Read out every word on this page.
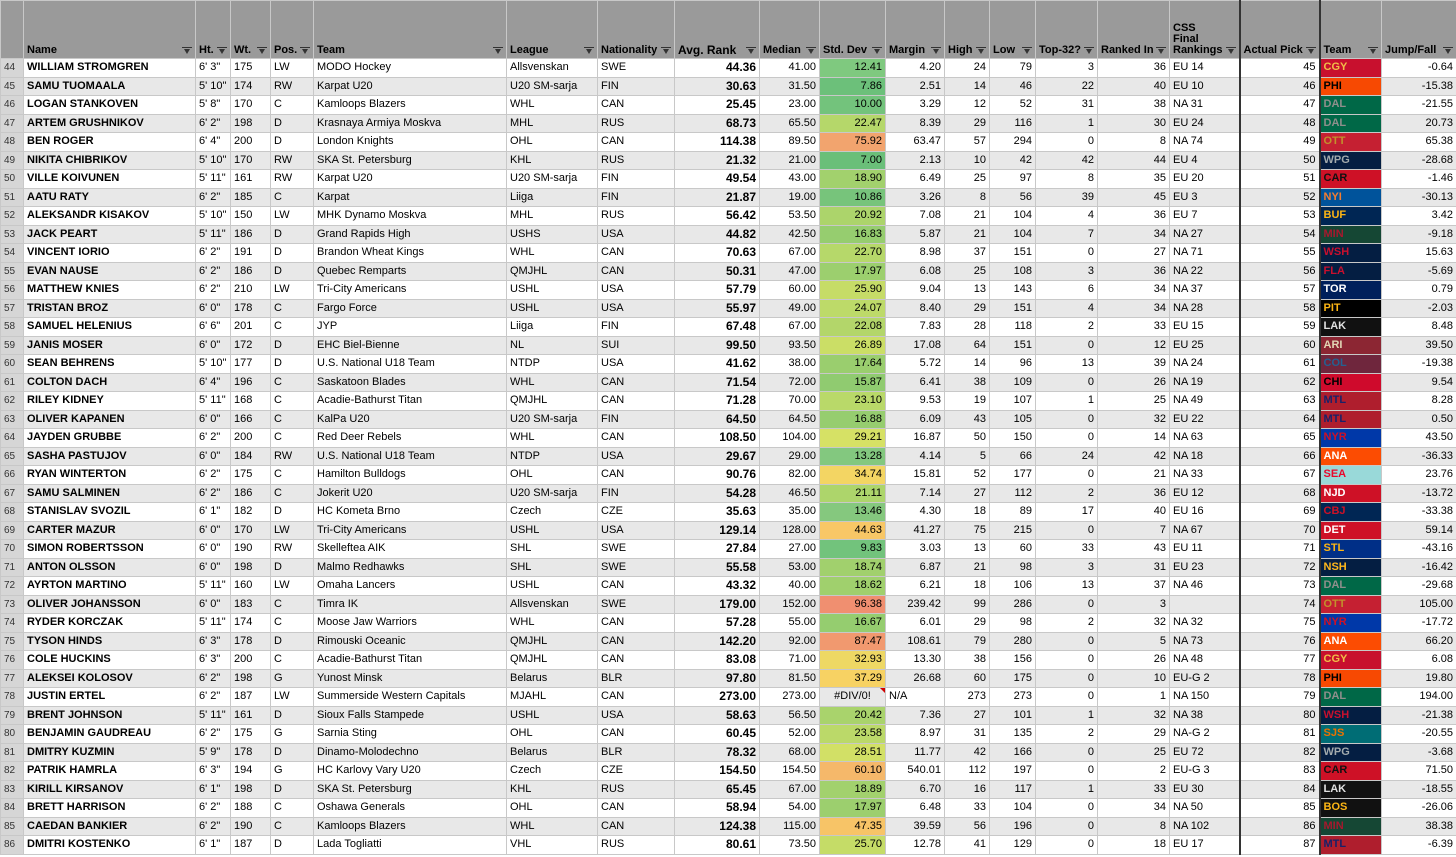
	Name	Ht.	Wt.	Pos.	Team	League	Nationality	Avg. Rank	Median	Std. Dev	Margin	High	Low	Top-32?	Ranked In	CSS Final Rankings	Actual Pick	Team	Jump/Fall

44	WILLIAM STROMGREN	6' 3"	175	LW	MODO Hockey	Allsvenskan	SWE	44.36	41.00	12.41	4.20	24	79	3	36	EU 14	45	CGY	-0.64
45	SAMU TUOMAALA	5' 10"	174	RW	Karpat U20	U20 SM-sarja	FIN	30.63	31.50	7.86	2.51	14	46	22	40	EU 10	46	PHI	-15.38
46	LOGAN STANKOVEN	5' 8"	170	C	Kamloops Blazers	WHL	CAN	25.45	23.00	10.00	3.29	12	52	31	38	NA 31	47	DAL	-21.55
47	ARTEM GRUSHNIKOV	6' 2"	198	D	Krasnaya Armiya Moskva	MHL	RUS	68.73	65.50	22.47	8.39	29	116	1	30	EU 24	48	DAL	20.73
48	BEN ROGER	6' 4"	200	D	London Knights	OHL	CAN	114.38	89.50	75.92	63.47	57	294	0	8	NA 74	49	OTT	65.38
49	NIKITA CHIBRIKOV	5' 10"	170	RW	SKA St. Petersburg	KHL	RUS	21.32	21.00	7.00	2.13	10	42	42	44	EU 4	50	WPG	-28.68
50	VILLE KOIVUNEN	5' 11"	161	RW	Karpat U20	U20 SM-sarja	FIN	49.54	43.00	18.90	6.49	25	97	8	35	EU 20	51	CAR	-1.46
51	AATU RATY	6' 2"	185	C	Karpat	Liiga	FIN	21.87	19.00	10.86	3.26	8	56	39	45	EU 3	52	NYI	-30.13
52	ALEKSANDR KISAKOV	5' 10"	150	LW	MHK Dynamo Moskva	MHL	RUS	56.42	53.50	20.92	7.08	21	104	4	36	EU 7	53	BUF	3.42
53	JACK PEART	5' 11"	186	D	Grand Rapids High	USHS	USA	44.82	42.50	16.83	5.87	21	104	7	34	NA 27	54	MIN	-9.18
54	VINCENT IORIO	6' 2"	191	D	Brandon Wheat Kings	WHL	CAN	70.63	67.00	22.70	8.98	37	151	0	27	NA 71	55	WSH	15.63
55	EVAN NAUSE	6' 2"	186	D	Quebec Remparts	QMJHL	CAN	50.31	47.00	17.97	6.08	25	108	3	36	NA 22	56	FLA	-5.69
56	MATTHEW KNIES	6' 2"	210	LW	Tri-City Americans	USHL	USA	57.79	60.00	25.90	9.04	13	143	6	34	NA 37	57	TOR	0.79
57	TRISTAN BROZ	6' 0"	178	C	Fargo Force	USHL	USA	55.97	49.00	24.07	8.40	29	151	4	34	NA 28	58	PIT	-2.03
58	SAMUEL HELENIUS	6' 6"	201	C	JYP	Liiga	FIN	67.48	67.00	22.08	7.83	28	118	2	33	EU 15	59	LAK	8.48
59	JANIS MOSER	6' 0"	172	D	EHC Biel-Bienne	NL	SUI	99.50	93.50	26.89	17.08	64	151	0	12	EU 25	60	ARI	39.50
60	SEAN BEHRENS	5' 10"	177	D	U.S. National U18 Team	NTDP	USA	41.62	38.00	17.64	5.72	14	96	13	39	NA 24	61	COL	-19.38
61	COLTON DACH	6' 4"	196	C	Saskatoon Blades	WHL	CAN	71.54	72.00	15.87	6.41	38	109	0	26	NA 19	62	CHI	9.54
62	RILEY KIDNEY	5' 11"	168	C	Acadie-Bathurst Titan	QMJHL	CAN	71.28	70.00	23.10	9.53	19	107	1	25	NA 49	63	MTL	8.28
63	OLIVER KAPANEN	6' 0"	166	C	KalPa U20	U20 SM-sarja	FIN	64.50	64.50	16.88	6.09	43	105	0	32	EU 22	64	MTL	0.50
64	JAYDEN GRUBBE	6' 2"	200	C	Red Deer Rebels	WHL	CAN	108.50	104.00	29.21	16.87	50	150	0	14	NA 63	65	NYR	43.50
65	SASHA PASTUJOV	6' 0"	184	RW	U.S. National U18 Team	NTDP	USA	29.67	29.00	13.28	4.14	5	66	24	42	NA 18	66	ANA	-36.33
66	RYAN WINTERTON	6' 2"	175	C	Hamilton Bulldogs	OHL	CAN	90.76	82.00	34.74	15.81	52	177	0	21	NA 33	67	SEA	23.76
67	SAMU SALMINEN	6' 2"	186	C	Jokerit U20	U20 SM-sarja	FIN	54.28	46.50	21.11	7.14	27	112	2	36	EU 12	68	NJD	-13.72
68	STANISLAV SVOZIL	6' 1"	182	D	HC Kometa Brno	Czech	CZE	35.63	35.00	13.46	4.30	18	89	17	40	EU 16	69	CBJ	-33.38
69	CARTER MAZUR	6' 0"	170	LW	Tri-City Americans	USHL	USA	129.14	128.00	44.63	41.27	75	215	0	7	NA 67	70	DET	59.14
70	SIMON ROBERTSSON	6' 0"	190	RW	Skelleftea AIK	SHL	SWE	27.84	27.00	9.83	3.03	13	60	33	43	EU 11	71	STL	-43.16
71	ANTON OLSSON	6' 0"	198	D	Malmo Redhawks	SHL	SWE	55.58	53.00	18.74	6.87	21	98	3	31	EU 23	72	NSH	-16.42
72	AYRTON MARTINO	5' 11"	160	LW	Omaha Lancers	USHL	CAN	43.32	40.00	18.62	6.21	18	106	13	37	NA 46	73	DAL	-29.68
73	OLIVER JOHANSSON	6' 0"	183	C	Timra IK	Allsvenskan	SWE	179.00	152.00	96.38	239.42	99	286	0	3		74	OTT	105.00
74	RYDER KORCZAK	5' 11"	174	C	Moose Jaw Warriors	WHL	CAN	57.28	55.00	16.67	6.01	29	98	2	32	NA 32	75	NYR	-17.72
75	TYSON HINDS	6' 3"	178	D	Rimouski Oceanic	QMJHL	CAN	142.20	92.00	87.47	108.61	79	280	0	5	NA 73	76	ANA	66.20
76	COLE HUCKINS	6' 3"	200	C	Acadie-Bathurst Titan	QMJHL	CAN	83.08	71.00	32.93	13.30	38	156	0	26	NA 48	77	CGY	6.08
77	ALEKSEI KOLOSOV	6' 2"	198	G	Yunost Minsk	Belarus	BLR	97.80	81.50	37.29	26.68	60	175	0	10	EU-G 2	78	PHI	19.80
78	JUSTIN ERTEL	6' 2"	187	LW	Summerside Western Capitals	MJAHL	CAN	273.00	273.00	#DIV/0!	N/A	273	273	0	1	NA 150	79	DAL	194.00
79	BRENT JOHNSON	5' 11"	161	D	Sioux Falls Stampede	USHL	USA	58.63	56.50	20.42	7.36	27	101	1	32	NA 38	80	WSH	-21.38
80	BENJAMIN GAUDREAU	6' 2"	175	G	Sarnia Sting	OHL	CAN	60.45	52.00	23.58	8.97	31	135	2	29	NA-G 2	81	SJS	-20.55
81	DMITRY KUZMIN	5' 9"	178	D	Dinamo-Molodechno	Belarus	BLR	78.32	68.00	28.51	11.77	42	166	0	25	EU 72	82	WPG	-3.68
82	PATRIK HAMRLA	6' 3"	194	G	HC Karlovy Vary U20	Czech	CZE	154.50	154.50	60.10	540.01	112	197	0	2	EU-G 3	83	CAR	71.50
83	KIRILL KIRSANOV	6' 1"	198	D	SKA St. Petersburg	KHL	RUS	65.45	67.00	18.89	6.70	16	117	1	33	EU 30	84	LAK	-18.55
84	BRETT HARRISON	6' 2"	188	C	Oshawa Generals	OHL	CAN	58.94	54.00	17.97	6.48	33	104	0	34	NA 50	85	BOS	-26.06
85	CAEDAN BANKIER	6' 2"	190	C	Kamloops Blazers	WHL	CAN	124.38	115.00	47.35	39.59	56	196	0	8	NA 102	86	MIN	38.38
86	DMITRI KOSTENKO	6' 1"	187	D	Lada Togliatti	VHL	RUS	80.61	73.50	25.70	12.78	41	129	0	18	EU 17	87	MTL	-6.39
